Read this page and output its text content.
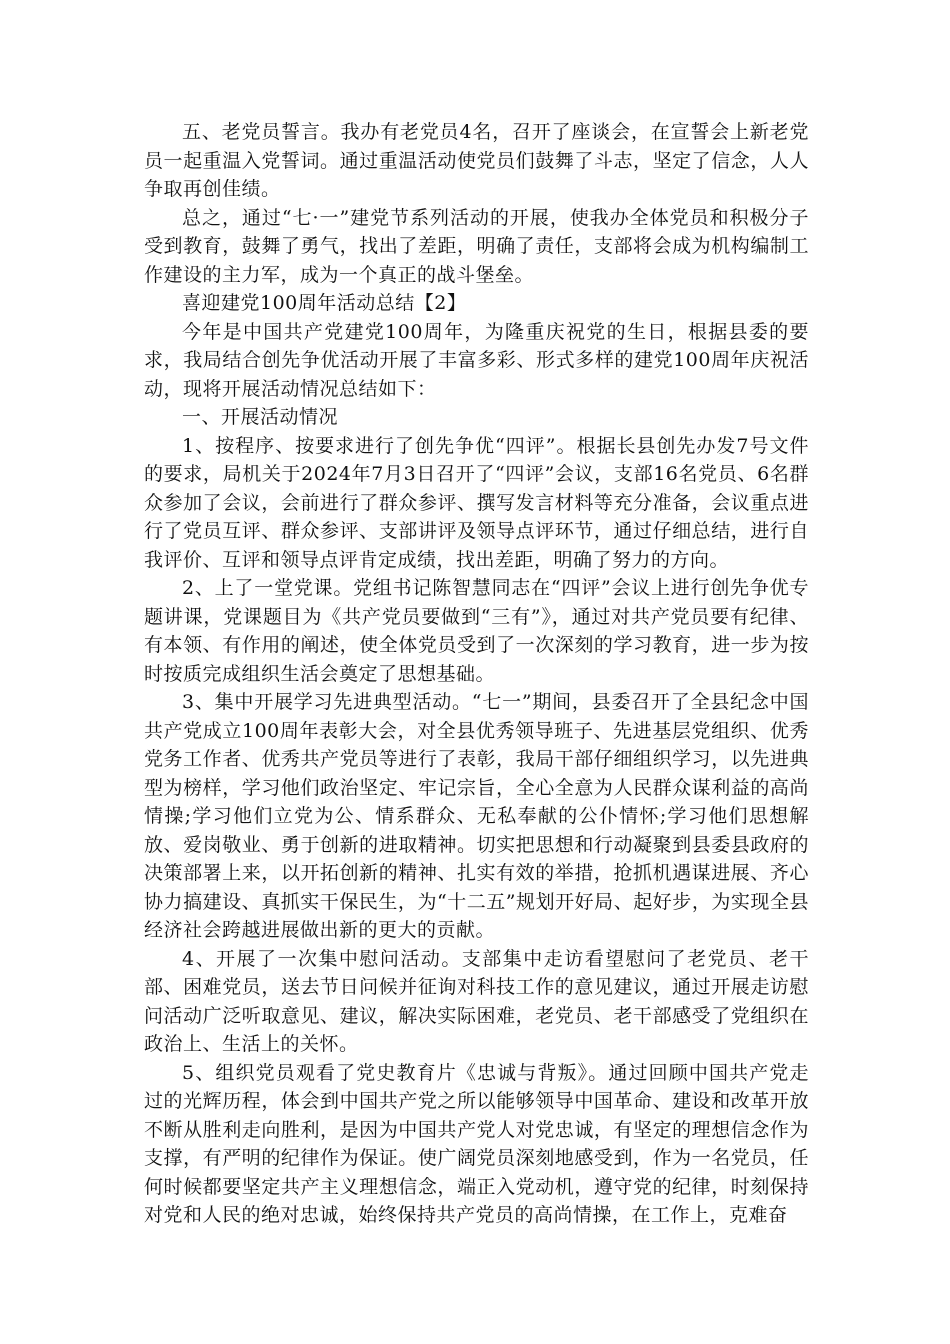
五、老党员誓言。我办有老党员4名，召开了座谈会，在宣誓会上新老党员一起重温入党誓词。通过重温活动使党员们鼓舞了斗志，坚定了信念，人人争取再创佳绩。

总之，通过“七·一”建党节系列活动的开展，使我办全体党员和积极分子受到教育，鼓舞了勇气，找出了差距，明确了责任，支部将会成为机构编制工作建设的主力军，成为一个真正的战斗堡垒。

喜迎建党100周年活动总结【2】

今年是中国共产党建党100周年，为隆重庆祝党的生日，根据县委的要求，我局结合创先争优活动开展了丰富多彩、形式多样的建党100周年庆祝活动，现将开展活动情况总结如下：

一、开展活动情况

1、按程序、按要求进行了创先争优“四评”。根据长县创先办发7号文件的要求，局机关于2024年7月3日召开了“四评”会议，支部16名党员、6名群众参加了会议，会前进行了群众参评、撰写发言材料等充分准备，会议重点进行了党员互评、群众参评、支部讲评及领导点评环节，通过仔细总结，进行自我评价、互评和领导点评肯定成绩，找出差距，明确了努力的方向。

2、上了一堂党课。党组书记陈智慧同志在“四评”会议上进行创先争优专题讲课，党课题目为《共产党员要做到“三有”》，通过对共产党员要有纪律、有本领、有作用的阐述，使全体党员受到了一次深刻的学习教育，进一步为按时按质完成组织生活会奠定了思想基础。

3、集中开展学习先进典型活动。“七一”期间，县委召开了全县纪念中国共产党成立100周年表彰大会，对全县优秀领导班子、先进基层党组织、优秀党务工作者、优秀共产党员等进行了表彰，我局干部仔细组织学习，以先进典型为榜样，学习他们政治坚定、牢记宗旨，全心全意为人民群众谋利益的高尚情操;学习他们立党为公、情系群众、无私奉献的公仆情怀;学习他们思想解放、爱岗敬业、勇于创新的进取精神。切实把思想和行动凝聚到县委县政府的决策部署上来，以开拓创新的精神、扎实有效的举措，抢抓机遇谋进展、齐心协力搞建设、真抓实干保民生，为“十二五”规划开好局、起好步，为实现全县经济社会跨越进展做出新的更大的贡献。

4、开展了一次集中慰问活动。支部集中走访看望慰问了老党员、老干部、困难党员，送去节日问候并征询对科技工作的意见建议，通过开展走访慰问活动广泛听取意见、建议，解决实际困难，老党员、老干部感受了党组织在政治上、生活上的关怀。

5、组织党员观看了党史教育片《忠诚与背叛》。通过回顾中国共产党走过的光辉历程，体会到中国共产党之所以能够领导中国革命、建设和改革开放不断从胜利走向胜利，是因为中国共产党人对党忠诚，有坚定的理想信念作为支撑，有严明的纪律作为保证。使广阔党员深刻地感受到，作为一名党员，任何时候都要坚定共产主义理想信念，端正入党动机，遵守党的纪律，时刻保持对党和人民的绝对忠诚，始终保持共产党员的高尚情操，在工作上，克难奋
